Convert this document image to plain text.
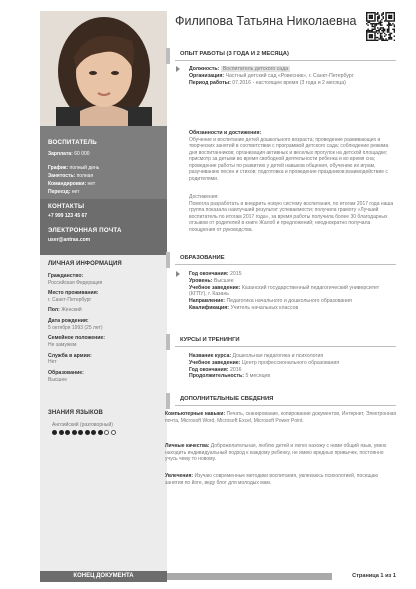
ВОСПИТАТЕЛЬ
Зарплата: 60 000
График: полный день
Занятость: полная
Командировки: нет
Переезд: нет
КОНТАКТЫ
+7 999 123 45 67
ЭЛЕКТРОННАЯ ПОЧТА
user@antras.com
ЛИЧНАЯ ИНФОРМАЦИЯ
Гражданство:
Российская Федерация
Место проживания:
г. Санкт-Петербург
Пол: Женский
Дата рождения:
5 октября 1993 (25 лет)
Семейное положение:
Не замужем
Служба в армии:
Нет
Образование:
Высшее
ЗНАНИЯ ЯЗЫКОВ
Английский (разговорный)
Филипова Татьяна Николаевна
ОПЫТ РАБОТЫ (3 ГОДА И 2 МЕСЯЦА)
Должность: Воспитатель детского сада
Организация: Частный детский сад «Ровесник», г. Санкт-Петербург
Период работы: 07.2016 - настоящее время (3 года и 2 месяца)
Обязанности и достижения:
Обучение и воспитание детей дошкольного возраста; проведение развивающих и творческих занятий в соответствии с программой детского сада; соблюдение режима дня воспитанников; организация активных и веселых прогулок на детской площадке; присмотр за детьми во время свободной деятельности ребенка и во время сна; проведение работы по развитию у детей навыков общения, обучению их играм, разучиванию песен и стихов; подготовка и проведение праздников;взаимодействие с родителями.
Достижения:
Помогла разработать и внедрить новую систему воспитания, по итогам 2017 года наша группа показала наилучший результат успеваемости; получила грамоту «Лучший воспитатель по итогам 2017 года», за время работы получила более 30 благодарных отзывов от родителей в книге Жалоб и предложений; неоднократно получала поощрения от руководства.
ОБРАЗОВАНИЕ
Год окончания: 2015
Уровень: Высшее
Учебное заведение: Казанский государственный педагогический университет (КГПУ), г. Казань
Направление: Педагогика начального и дошкольного образования
Квалификация: Учитель начальных классов
КУРСЫ И ТРЕНИНГИ
Название курса: Дошкольная педагогика и психология
Учебное заведение: Центр профессионального образования
Год окончания: 2016
Продолжительность: 5 месяцев
ДОПОЛНИТЕЛЬНЫЕ СВЕДЕНИЯ
Компьютерные навыки: Печать, сканирование, копирование документов, Интернет, Электронная почта, Microsoft Word, Microsoft Excel, Microsoft Power Point.
Личные качества: Доброжелательная, люблю детей и легко нахожу с ними общий язык, умею находить индивидуальный подход к каждому ребенку, не имею вредных привычек, постоянно учусь чему то новому.
Увлечения: Изучаю современные методики воспитания, увлекаюсь психологией, посещаю занятия по йоге, веду блог для молодых мам.
КОНЕЦ ДОКУМЕНТА	Страница 1 из 1
